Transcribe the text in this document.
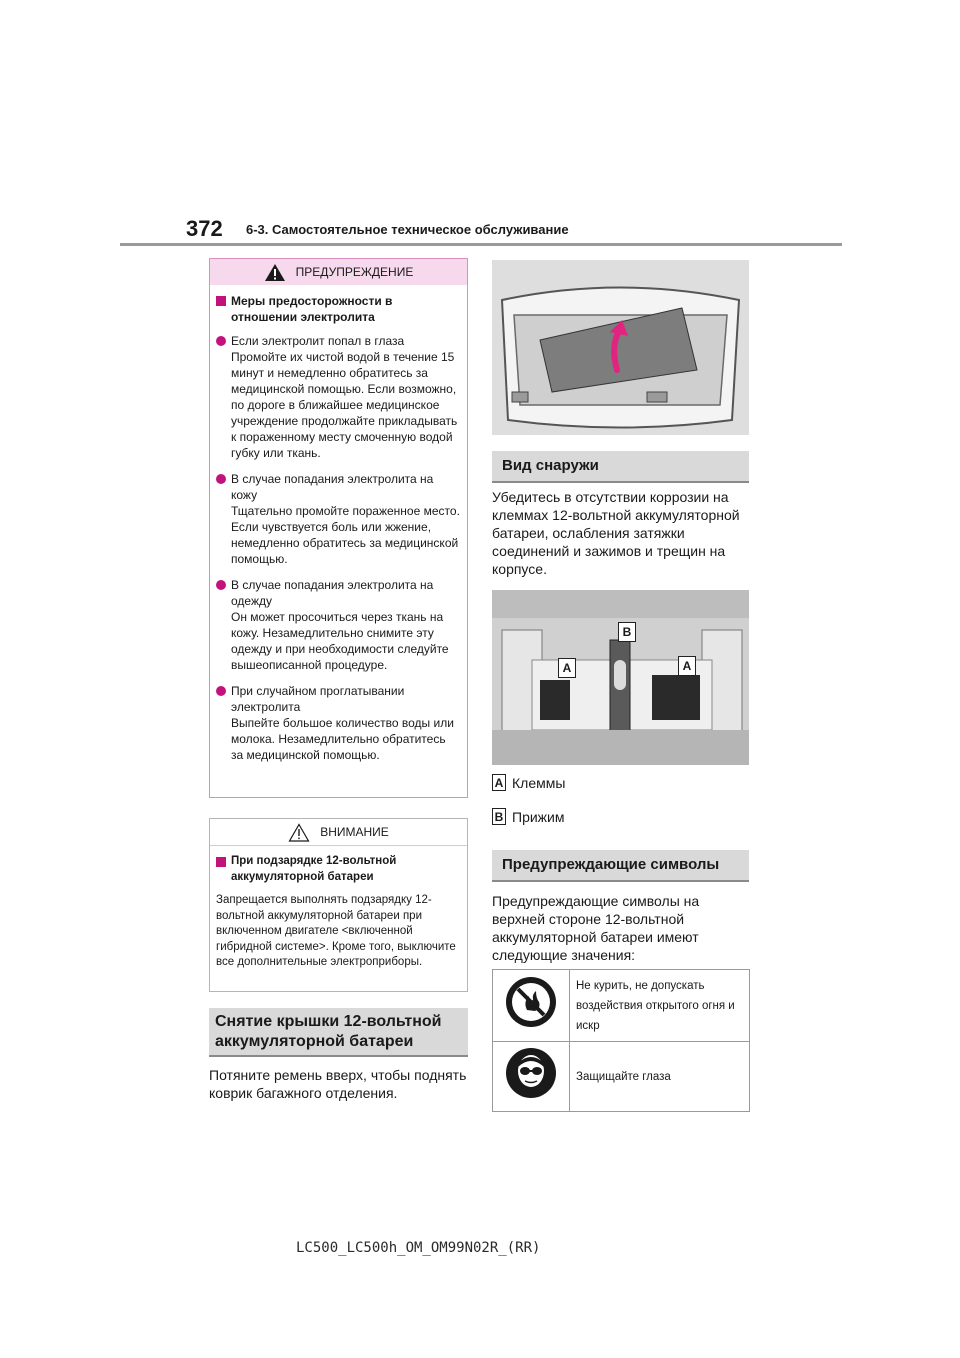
372 6-3. Самостоятельное техническое обслуживание
ПРЕДУПРЕЖДЕНИЕ
Меры предосторожности в отношении электролита
Если электролит попал в глаза
Промойте их чистой водой в течение 15 минут и немедленно обратитесь за медицинской помощью. Если возможно, по дороге в ближайшее медицинское учреждение продолжайте прикладывать к пораженному месту смоченную водой губку или ткань.
В случае попадания электролита на кожу
Тщательно промойте пораженное место. Если чувствуется боль или жжение, немедленно обратитесь за медицинской помощью.
В случае попадания электролита на одежду
Он может просочиться через ткань на кожу. Незамедлительно снимите эту одежду и при необходимости следуйте вышеописанной процедуре.
При случайном проглатывании электролита
Выпейте большое количество воды или молока. Незамедлительно обратитесь за медицинской помощью.
ВНИМАНИЕ
При подзарядке 12-вольтной аккумуляторной батареи
Запрещается выполнять подзарядку 12-вольтной аккумуляторной батареи при включенном двигателе <включенной гибридной системе>. Кроме того, выключите все дополнительные электроприборы.
Снятие крышки 12-вольтной аккумуляторной батареи
Потяните ремень вверх, чтобы поднять коврик багажного отделения.
Вид снаружи
Убедитесь в отсутствии коррозии на клеммах 12-вольтной аккумуляторной батареи, ослабления затяжки соединений и зажимов и трещин на корпусе.
B
A	A
A Клеммы
B Прижим
Предупреждающие символы
Предупреждающие символы на верхней стороне 12-вольтной аккумуляторной батареи имеют следующие значения:
	Не курить, не допускать воздействия открытого огня и искр
	Защищайте глаза
LC500_LC500h_OM_OM99N02R_(RR)
